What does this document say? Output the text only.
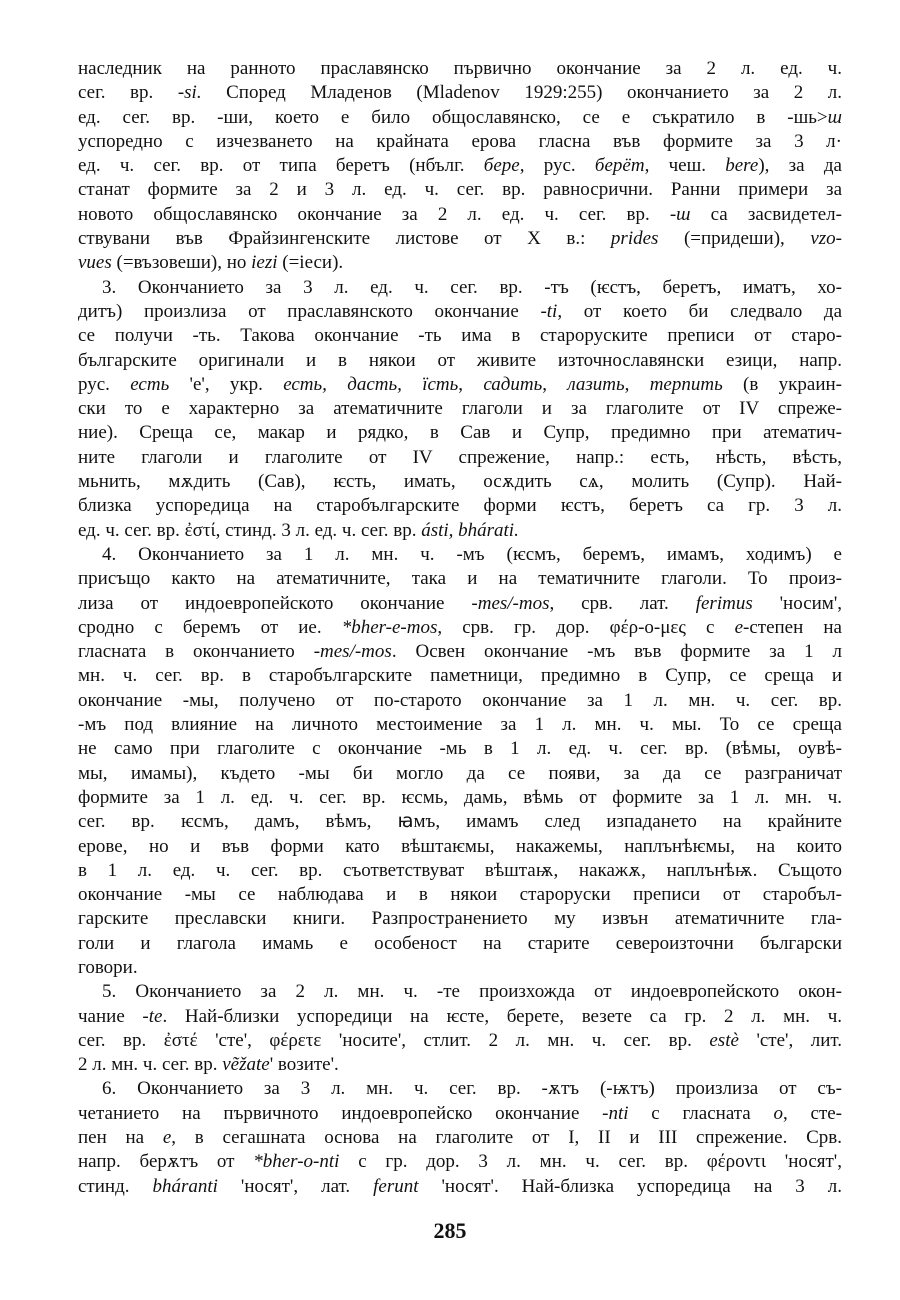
наследник на ранното праславянско първично окончание за 2 л. ед. ч.
сег. вр. -si. Според Младенов (Mladenov 1929:255) окончанието за 2 л.
ед. сег. вр. -ши, което е било общославянско, се е съкратило в -шь>ш
успоредно с изчезването на крайната ерова гласна във формите за 3 л·
ед. ч. сег. вр. от типа беретъ (нбълг. бере, рус. берёт, чеш. bere), за да
станат формите за 2 и 3 л. ед. ч. сег. вр. равносрични. Ранни примери за
новото общославянско окончание за 2 л. ед. ч. сег. вр. -ш са засвидетел-
ствувани във Фрайзингенските листове от X в.: prides (=придеши), vzo-
vues (=възовеши), но iezi (=іеси).
3. Окончанието за 3 л. ед. ч. сег. вр. -тъ (ѥстъ, беретъ, иматъ, хо-
дитъ) произлиза от праславянското окончание -ti, от което би следвало да
се получи -ть. Такова окончание -ть има в староруските преписи от старо-
българските оригинали и в някои от живите източнославянски езици, напр.
рус. есть 'е', укр. есть, дасть, їсть, садить, лазить, терпить (в украин-
ски то е характерно за атематичните глаголи и за глаголите от IV спреже-
ние). Среща се, макар и рядко, в Сав и Супр, предимно при атематич-
ните глаголи и глаголите от IV спрежение, напр.: есть, нѣсть, вѣсть,
мьнить, мѫдить (Сав), ѥсть, имать, осѫдить сѧ, молить (Супр). Най-
близка успоредица на старобългарските форми ѥстъ, беретъ са гр. 3 л.
ед. ч. сег. вр. ἐστί, стинд. 3 л. ед. ч. сег. вр. ásti, bhárati.
4. Окончанието за 1 л. мн. ч. -мъ (ѥсмъ, беремъ, имамъ, ходимъ) е
присъщо както на атематичните, така и на тематичните глаголи. То произ-
лиза от индоевропейското окончание -mes/-mos, срв. лат. ferimus 'носим',
сродно с беремъ от ие. *bher-e-mos, срв. гр. дор. φέρ-ο-μες с е-степен на
гласната в окончанието -mes/-mos. Освен окончание -мъ във формите за 1 л
мн. ч. сег. вр. в старобългарските паметници, предимно в Супр, се среща и
окончание -мы, получено от по-старото окончание за 1 л. мн. ч. сег. вр.
-мъ под влияние на личното местоимение за 1 л. мн. ч. мы. То се среща
не само при глаголите с окончание -мь в 1 л. ед. ч. сег. вр. (вѣмы, оувѣ-
мы, имамы), където -мы би могло да се появи, за да се разграничат
формите за 1 л. ед. ч. сег. вр. ѥсмь, дамь, вѣмь от формите за 1 л. мн. ч.
сег. вр. ѥсмъ, дамъ, вѣмъ, ꙗмъ, имамъ след изпадането на крайните
ерове, но и във форми като вѣштаѥмы, накажемы, наплънѣѥмы, на които
в 1 л. ед. ч. сег. вр. съответствуват вѣштаѭ, накажѫ, наплънѣѭ. Същото
окончание -мы се наблюдава и в някои староруски преписи от старобъл-
гарските преславски книги. Разпространението му извън атематичните гла-
голи и глагола имамь е особеност на старите североизточни български
говори.
5. Окончанието за 2 л. мн. ч. -те произхожда от индоевропейското окон-
чание -te. Най-близки успоредици на ѥсте, берете, везете са гр. 2 л. мн. ч.
сег. вр. ἐστέ 'сте', φέρετε 'носите', стлит. 2 л. мн. ч. сег. вр. estè 'сте', лит.
2 л. мн. ч. сег. вр. vẽžate' возите'.
6. Окончанието за 3 л. мн. ч. сег. вр. -ѫтъ (-ѭтъ) произлиза от съ-
четанието на първичното индоевропейско окончание -nti с гласната о, сте-
пен на е, в сегашната основа на глаголите от I, II и III спрежение. Срв.
напр. берѫтъ от *bher-o-nti с гр. дор. 3 л. мн. ч. сег. вр. φέροντι 'носят',
стинд. bháranti 'носят', лат. ferunt 'носят'. Най-близка успоредица на 3 л.
285
